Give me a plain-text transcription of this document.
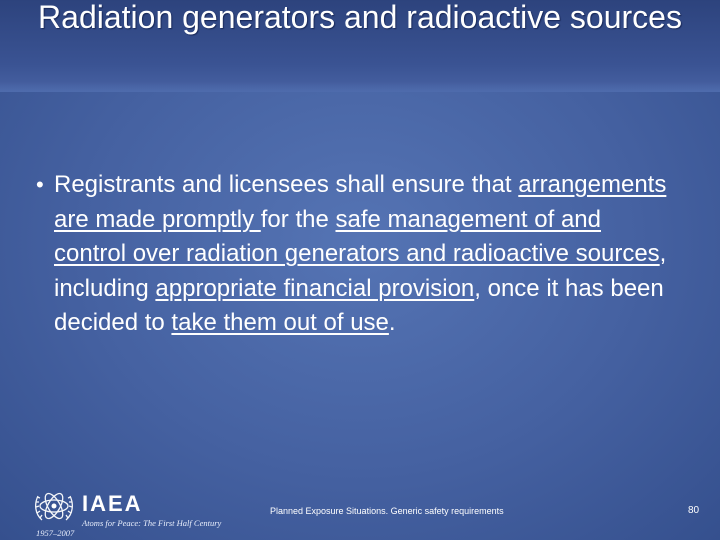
Radiation generators and radioactive sources
• Registrants and licensees shall ensure that arrangements are made promptly for the safe management of and control over radiation generators and radioactive sources, including appropriate financial provision, once it has been decided to take them out of use.
IAEA
Atoms for Peace: The First Half Century
1957–2007
Planned Exposure Situations. Generic safety requirements	80
